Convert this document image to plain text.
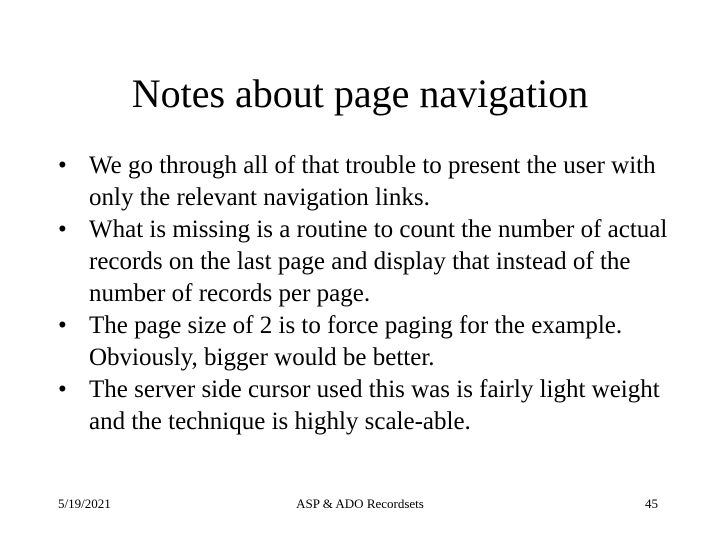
Notes about page navigation
• We go through all of that trouble to present the user with only the relevant navigation links.
• What is missing is a routine to count the number of actual records on the last page and display that instead of the number of records per page.
• The page size of 2 is to force paging for the example. Obviously, bigger would be better.
• The server side cursor used this was is fairly light weight and the technique is highly scale-able.
5/19/2021	ASP & ADO Recordsets	45
